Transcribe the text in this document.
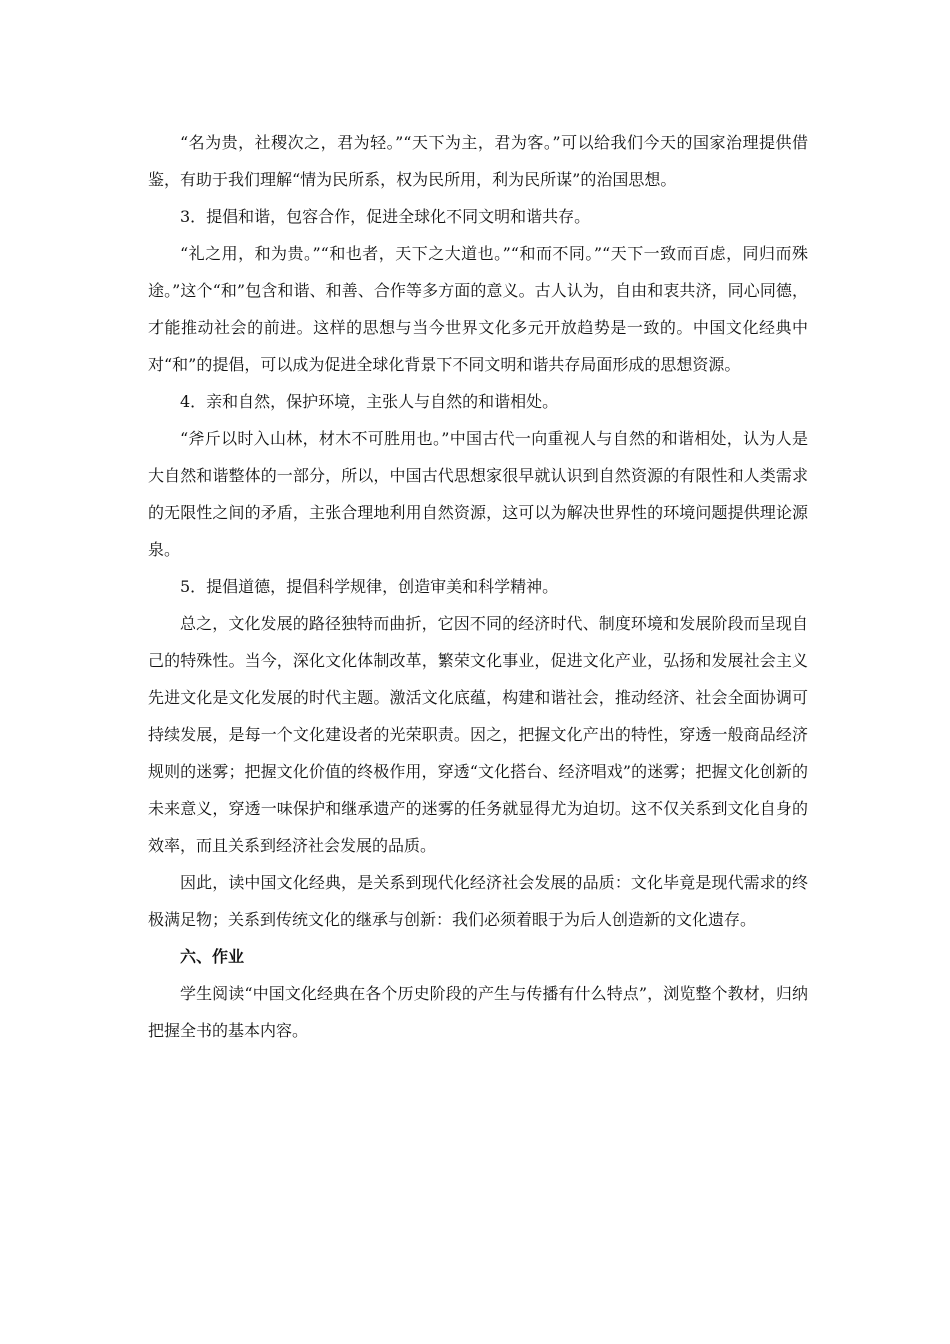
“名为贵，社稷次之，君为轻。”“天下为主，君为客。”可以给我们今天的国家治理提供借鉴，有助于我们理解“情为民所系，权为民所用，利为民所谋”的治国思想。

3．提倡和谐，包容合作，促进全球化不同文明和谐共存。

“礼之用，和为贵。”“和也者，天下之大道也。”“和而不同。”“天下一致而百虑，同归而殊途。”这个“和”包含和谐、和善、合作等多方面的意义。古人认为，自由和衷共济，同心同德，才能推动社会的前进。这样的思想与当今世界文化多元开放趋势是一致的。中国文化经典中对“和”的提倡，可以成为促进全球化背景下不同文明和谐共存局面形成的思想资源。

4．亲和自然，保护环境，主张人与自然的和谐相处。

“斧斤以时入山林，材木不可胜用也。”中国古代一向重视人与自然的和谐相处，认为人是大自然和谐整体的一部分，所以，中国古代思想家很早就认识到自然资源的有限性和人类需求的无限性之间的矛盾，主张合理地利用自然资源，这可以为解决世界性的环境问题提供理论源泉。

5．提倡道德，提倡科学规律，创造审美和科学精神。

总之，文化发展的路径独特而曲折，它因不同的经济时代、制度环境和发展阶段而呈现自己的特殊性。当今，深化文化体制改革，繁荣文化事业，促进文化产业，弘扬和发展社会主义先进文化是文化发展的时代主题。激活文化底蕴，构建和谐社会，推动经济、社会全面协调可持续发展，是每一个文化建设者的光荣职责。因之，把握文化产出的特性，穿透一般商品经济规则的迷雾；把握文化价值的终极作用，穿透“文化搭台、经济唱戏”的迷雾；把握文化创新的未来意义，穿透一味保护和继承遗产的迷雾的任务就显得尤为迫切。这不仅关系到文化自身的效率，而且关系到经济社会发展的品质。

因此，读中国文化经典，是关系到现代化经济社会发展的品质：文化毕竟是现代需求的终极满足物；关系到传统文化的继承与创新：我们必须着眼于为后人创造新的文化遗存。

六、作业

学生阅读“中国文化经典在各个历史阶段的产生与传播有什么特点”，浏览整个教材，归纳把握全书的基本内容。
